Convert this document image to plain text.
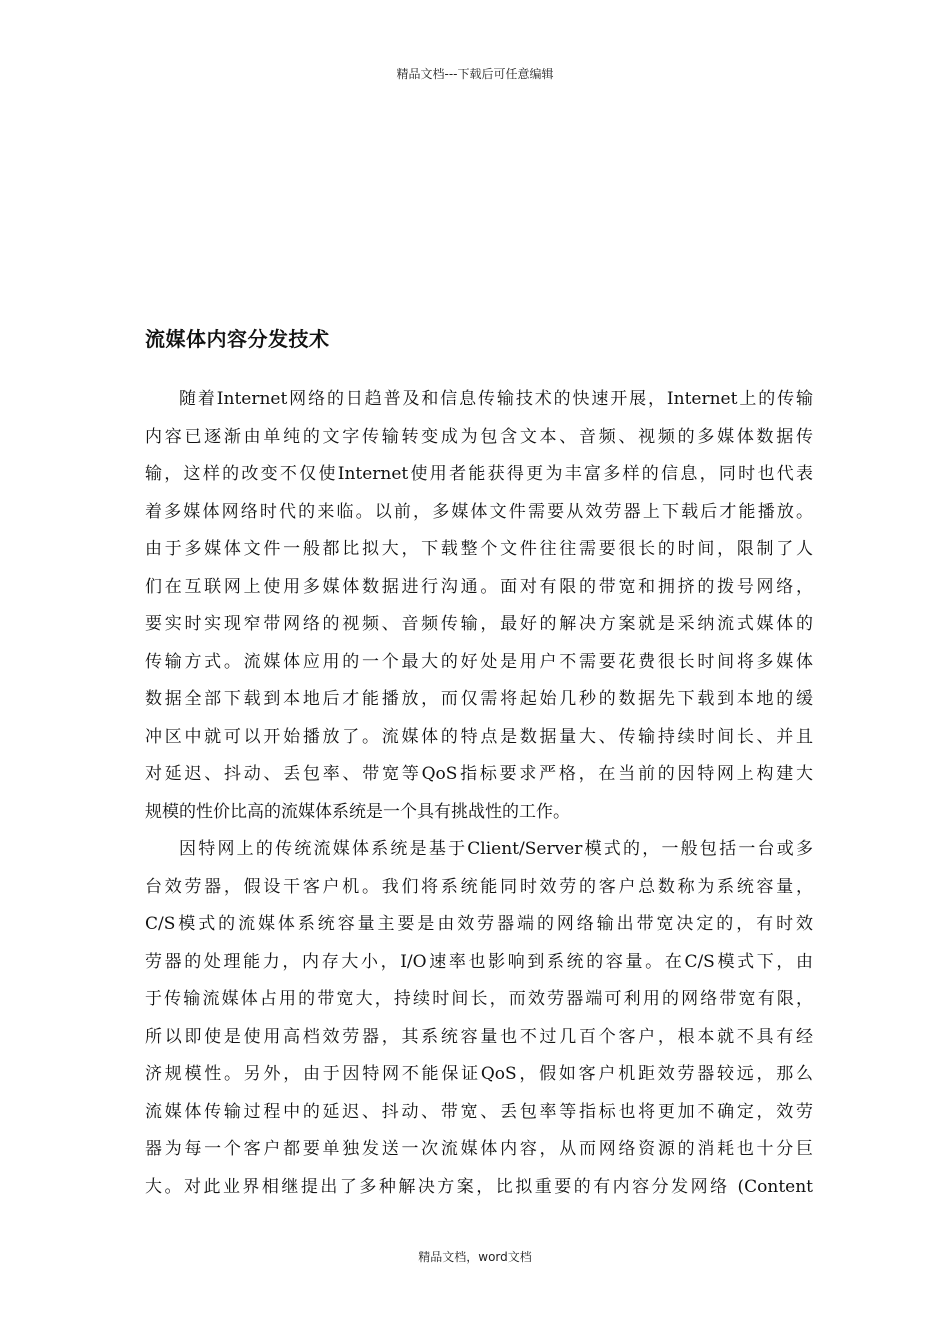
精品文档---下载后可任意编辑
流媒体内容分发技术
随着Internet网络的日趋普及和信息传输技术的快速开展，Internet上的传输
内容已逐渐由单纯的文字传输转变成为包含文本、音频、视频的多媒体数据传
输，这样的改变不仅使Internet使用者能获得更为丰富多样的信息，同时也代表
着多媒体网络时代的来临。以前，多媒体文件需要从效劳器上下载后才能播放。
由于多媒体文件一般都比拟大，下载整个文件往往需要很长的时间，限制了人
们在互联网上使用多媒体数据进行沟通。面对有限的带宽和拥挤的拨号网络，
要实时实现窄带网络的视频、音频传输，最好的解决方案就是采纳流式媒体的
传输方式。流媒体应用的一个最大的好处是用户不需要花费很长时间将多媒体
数据全部下载到本地后才能播放，而仅需将起始几秒的数据先下载到本地的缓
冲区中就可以开始播放了。流媒体的特点是数据量大、传输持续时间长、并且
对延迟、抖动、丢包率、带宽等QoS指标要求严格，在当前的因特网上构建大
规模的性价比高的流媒体系统是一个具有挑战性的工作。
因特网上的传统流媒体系统是基于Client/Server模式的，一般包括一台或多
台效劳器，假设干客户机。我们将系统能同时效劳的客户总数称为系统容量，
C/S模式的流媒体系统容量主要是由效劳器端的网络输出带宽决定的，有时效
劳器的处理能力，内存大小，I/O速率也影响到系统的容量。在C/S模式下，由
于传输流媒体占用的带宽大，持续时间长，而效劳器端可利用的网络带宽有限，
所以即使是使用高档效劳器，其系统容量也不过几百个客户，根本就不具有经
济规模性。另外，由于因特网不能保证QoS，假如客户机距效劳器较远，那么
流媒体传输过程中的延迟、抖动、带宽、丢包率等指标也将更加不确定，效劳
器为每一个客户都要单独发送一次流媒体内容，从而网络资源的消耗也十分巨
大。对此业界相继提出了多种解决方案，比拟重要的有内容分发网络 (Content
精品文档，word文档
